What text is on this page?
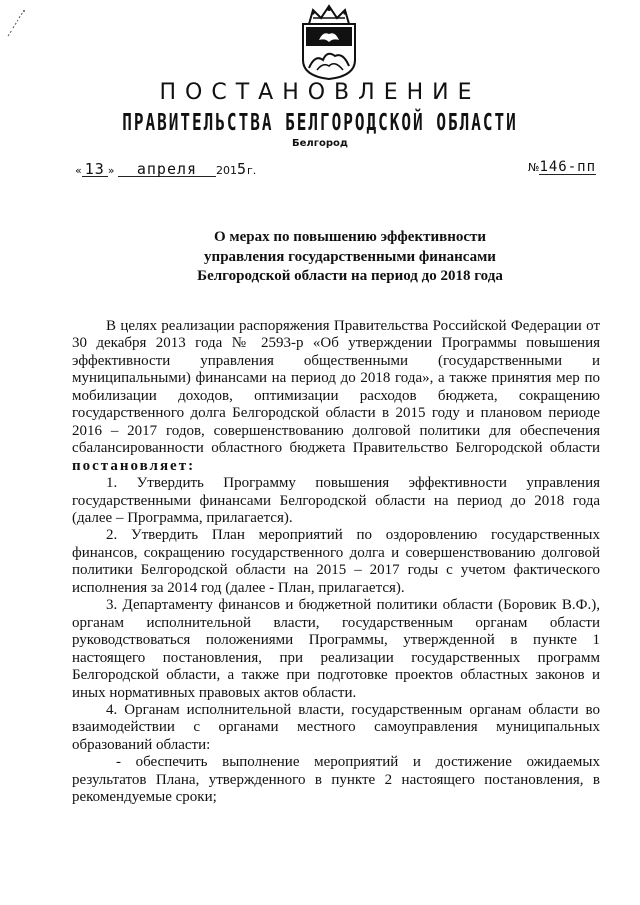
ПОСТАНОВЛЕНИЕ
ПРАВИТЕЛЬСТВА БЕЛГОРОДСКОЙ ОБЛАСТИ
Белгород
« 13 » апреля 2015г.	№146-пп
О мерах по повышению эффективности
управления государственными финансами
Белгородской области на период до 2018 года

В целях реализации распоряжения Правительства Российской Федерации от 30 декабря 2013 года № 2593-р «Об утверждении Программы повышения эффективности управления общественными (государственными и муниципальными) финансами на период до 2018 года», а также принятия мер по мобилизации доходов, оптимизации расходов бюджета, сокращению государственного долга Белгородской области в 2015 году и плановом периоде 2016 – 2017 годов, совершенствованию долговой политики для обеспечения сбалансированности областного бюджета Правительство Белгородской области

постановляет:

1. Утвердить Программу повышения эффективности управления государственными финансами Белгородской области на период до 2018 года (далее – Программа, прилагается).

2. Утвердить План мероприятий по оздоровлению государственных финансов, сокращению государственного долга и совершенствованию долговой политики Белгородской области на 2015 – 2017 годы с учетом фактического исполнения за 2014 год (далее - План, прилагается).

3. Департаменту финансов и бюджетной политики области (Боровик В.Ф.), органам исполнительной власти, государственным органам области руководствоваться положениями Программы, утвержденной в пункте 1 настоящего постановления, при реализации государственных программ Белгородской области, а также при подготовке проектов областных законов и иных нормативных правовых актов области.

4. Органам исполнительной власти, государственным органам области во взаимодействии с органами местного самоуправления муниципальных образований области:

- обеспечить выполнение мероприятий и достижение ожидаемых результатов Плана, утвержденного в пункте 2 настоящего постановления, в рекомендуемые сроки;
